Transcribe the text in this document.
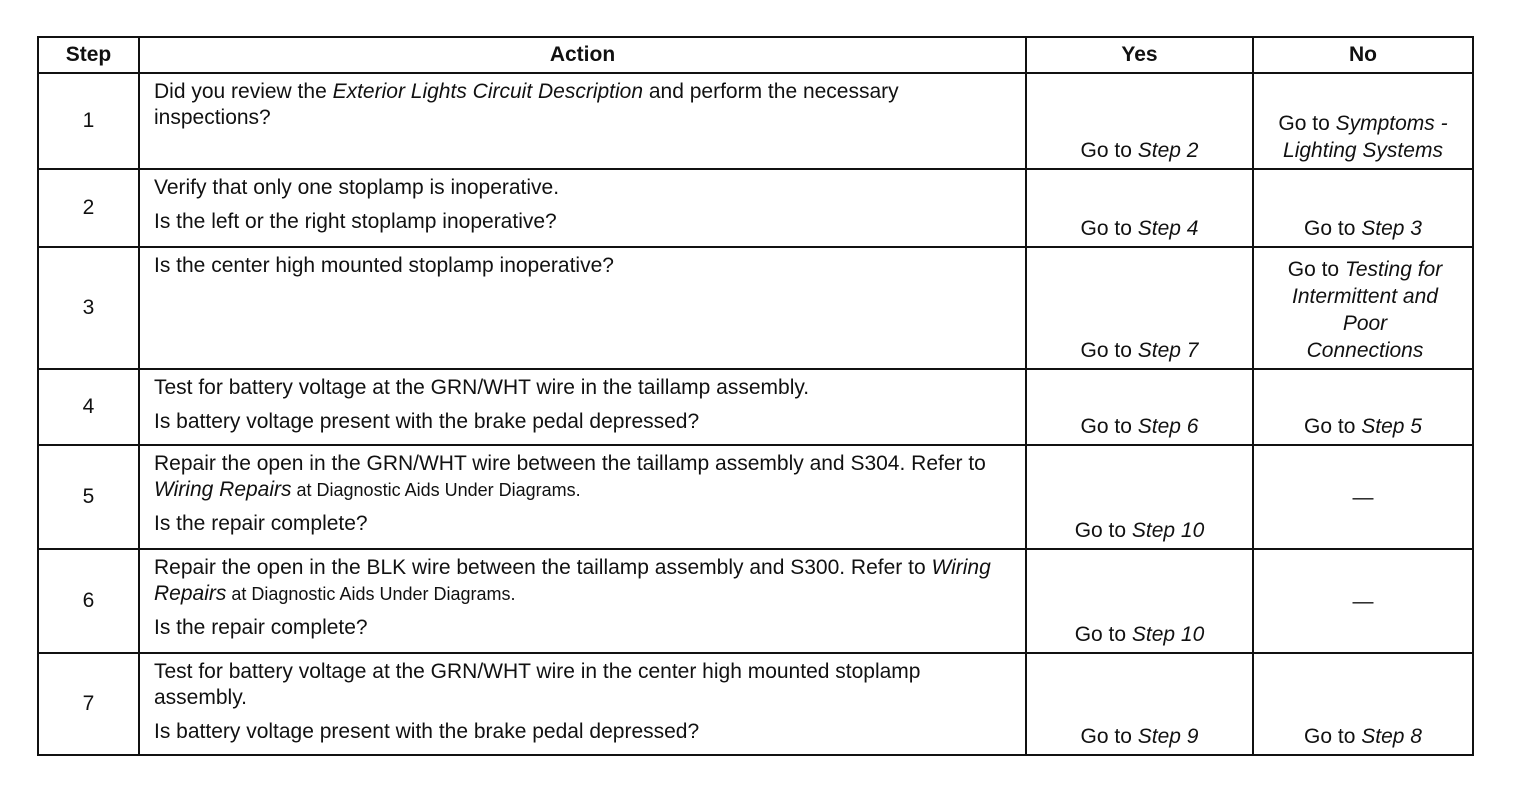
Step	Action	Yes	No
1	Did you review the Exterior Lights Circuit Description and perform the necessary inspections?	Go to Step 2	Go to Symptoms - Lighting Systems
2	Verify that only one stoplamp is inoperative.
Is the left or the right stoplamp inoperative?	Go to Step 4	Go to Step 3
3	Is the center high mounted stoplamp inoperative?	Go to Step 7	Go to Testing for Intermittent and Poor Connections
4	Test for battery voltage at the GRN/WHT wire in the taillamp assembly.
Is battery voltage present with the brake pedal depressed?	Go to Step 6	Go to Step 5
5	Repair the open in the GRN/WHT wire between the taillamp assembly and S304. Refer to Wiring Repairs at Diagnostic Aids Under Diagrams.
Is the repair complete?	Go to Step 10	—
6	Repair the open in the BLK wire between the taillamp assembly and S300. Refer to Wiring Repairs at Diagnostic Aids Under Diagrams.
Is the repair complete?	Go to Step 10	—
7	Test for battery voltage at the GRN/WHT wire in the center high mounted stoplamp assembly.
Is battery voltage present with the brake pedal depressed?	Go to Step 9	Go to Step 8
